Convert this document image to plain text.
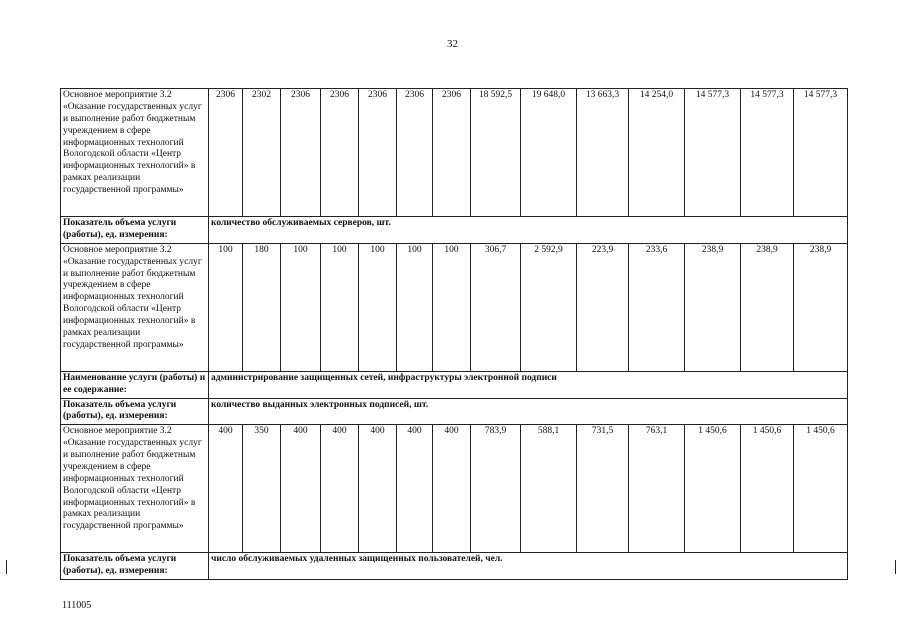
32
Основное мероприятие 3.2 «Оказание государственных услуг и выполнение работ бюджетным учреждением в сфере информационных технологий Вологодской области «Центр информационных технологий» в рамках реализации государственной программы»	2306	2302	2306	2306	2306	2306	2306	18 592,5	19 648,0	13 663,3	14 254,0	14 577,3	14 577,3	14 577,3
Показатель объема услуги (работы), ед. измерения:	количество обслуживаемых серверов, шт.													
Основное мероприятие 3.2 «Оказание государственных услуг и выполнение работ бюджетным учреждением в сфере информационных технологий Вологодской области «Центр информационных технологий» в рамках реализации государственной программы»	100	180	100	100	100	100	100	306,7	2 592,9	223,9	233,6	238,9	238,9	238,9
Наименование услуги (работы) и ее содержание:	администрирование защищенных сетей, инфраструктуры электронной подписи													
Показатель объема услуги (работы), ед. измерения:	количество выданных электронных подписей, шт.													
Основное мероприятие 3.2 «Оказание государственных услуг и выполнение работ бюджетным учреждением в сфере информационных технологий Вологодской области «Центр информационных технологий» в рамках реализации государственной программы»	400	350	400	400	400	400	400	783,9	588,1	731,5	763,1	1 450,6	1 450,6	1 450,6
Показатель объема услуги (работы), ед. измерения:	число обслуживаемых удаленных защищенных пользователей, чел.													
111005
